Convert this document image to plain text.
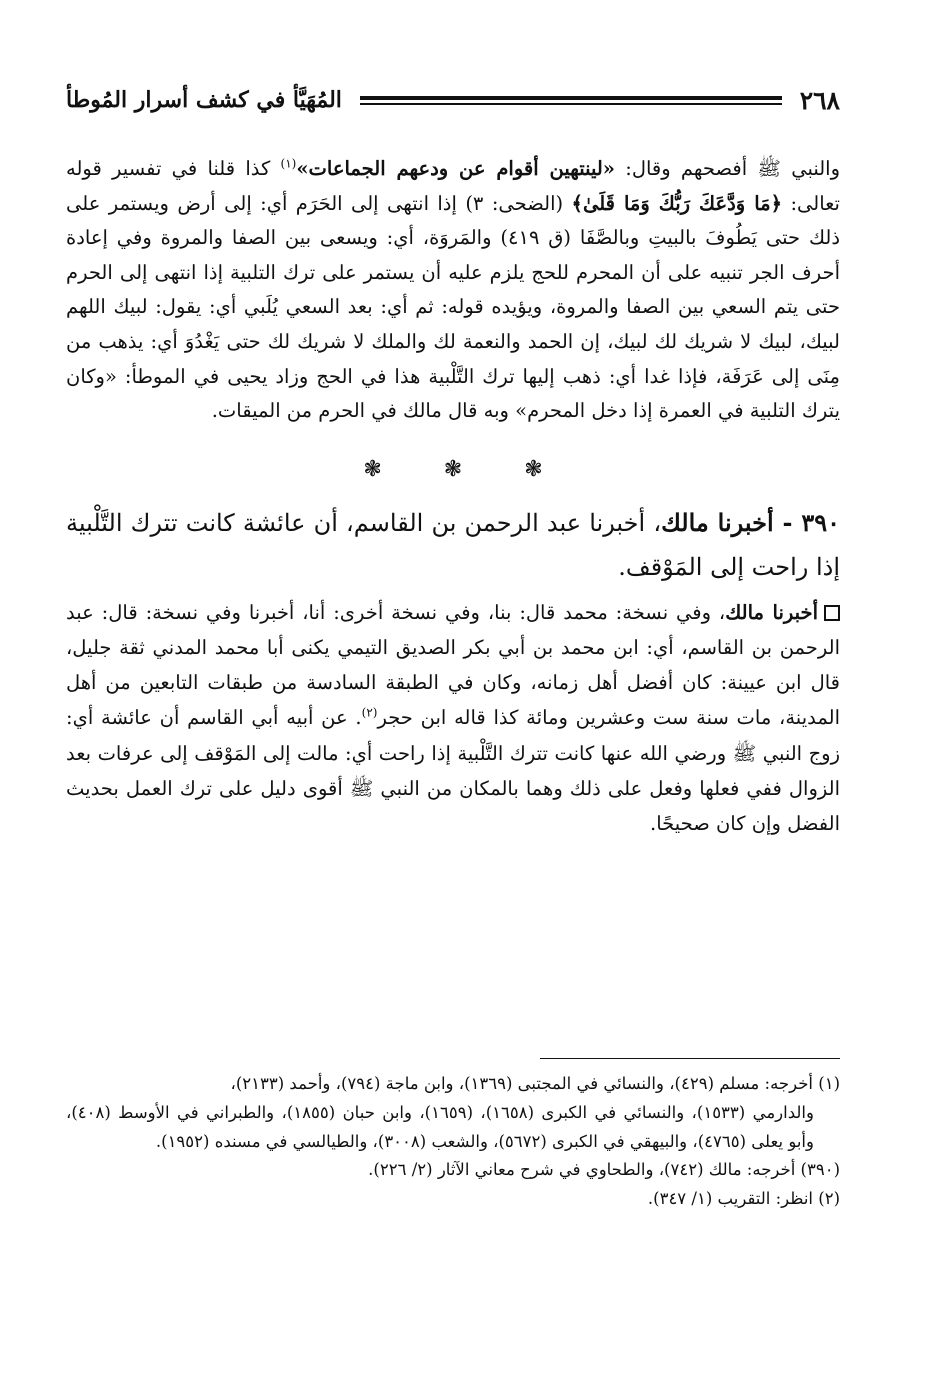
٢٦٨
المُهَيَّأ في كشف أسرار المُوطأ

والنبي ﷺ أفصحهم وقال: «لينتهين أقوام عن ودعهم الجماعات»$^{(١)}$ كذا قلنا في تفسير قوله تعالى: ﴿مَا وَدَّعَكَ رَبُّكَ وَمَا قَلَىٰ﴾ (الضحى: ٣) إذا انتهى إلى الحَرَم أي: إلى أرض ويستمر على ذلك حتى يَطُوفَ بالبيتِ وبالصَّفَا (ق ٤١٩) والمَروَة، أي: ويسعى بين الصفا والمروة وفي إعادة أحرف الجر تنبيه على أن المحرم للحج يلزم عليه أن يستمر على ترك التلبية إذا انتهى إلى الحرم حتى يتم السعي بين الصفا والمروة، ويؤيده قوله: ثم أي: بعد السعي يُلَبي أي: يقول: لبيك اللهم لبيك، لبيك لا شريك لك لبيك، إن الحمد والنعمة لك والملك لا شريك لك حتى يَغْدُوَ أي: يذهب من مِنَى إلى عَرَفَة، فإذا غدا أي: ذهب إليها ترك التَّلْبية هذا في الحج وزاد يحيى في الموطأ: «وكان يترك التلبية في العمرة إذا دخل المحرم» وبه قال مالك في الحرم من الميقات.

❃
❃
❃

٣٩٠ - أخبرنا مالك، أخبرنا عبد الرحمن بن القاسم، أن عائشة كانت تترك التَّلْبية إذا راحت إلى المَوْقف.

أخبرنا مالك، وفي نسخة: محمد قال: بنا، وفي نسخة أخرى: أنا، أخبرنا وفي نسخة: قال: عبد الرحمن بن القاسم، أي: ابن محمد بن أبي بكر الصديق التيمي يكنى أبا محمد المدني ثقة جليل، قال ابن عيينة: كان أفضل أهل زمانه، وكان في الطبقة السادسة من طبقات التابعين من أهل المدينة، مات سنة ست وعشرين ومائة كذا قاله ابن حجر$^{(٢)}$. عن أبيه أبي القاسم أن عائشة أي: زوج النبي ﷺ ورضي الله عنها كانت تترك التَّلْبية إذا راحت أي: مالت إلى المَوْقف إلى عرفات بعد الزوال ففي فعلها وفعل على ذلك وهما بالمكان من النبي ﷺ أقوى دليل على ترك العمل بحديث الفضل وإن كان صحيحًا.

(١) أخرجه: مسلم (٤٢٩)، والنسائي في المجتبى (١٣٦٩)، وابن ماجة (٧٩٤)، وأحمد (٢١٣٣)،
والدارمي (١٥٣٣)، والنسائي في الكبرى (١٦٥٨)، (١٦٥٩)، وابن حبان (١٨٥٥)، والطبراني في الأوسط (٤٠٨)، وأبو يعلى (٤٧٦٥)، والبيهقي في الكبرى (٥٦٧٢)، والشعب (٣٠٠٨)، والطيالسي في مسنده (١٩٥٢).

(٣٩٠) أخرجه: مالك (٧٤٢)، والطحاوي في شرح معاني الآثار (٢/ ٢٢٦).

(٢) انظر: التقريب (١/ ٣٤٧).
